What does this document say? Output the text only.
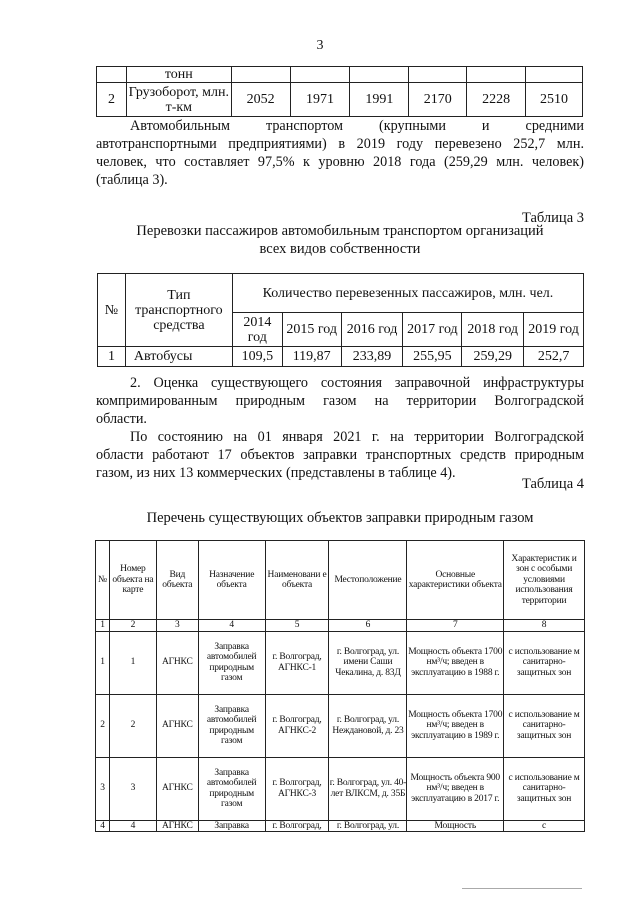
3
	тонн						
2	Грузоборот, млн. т-км	2052	1971	1991	2170	2228	2510
Автомобильным транспортом (крупными и средними
автотранспортными предприятиями) в 2019 году перевезено 252,7 млн.
человек, что составляет 97,5% к уровню 2018 года (259,29 млн. человек)
(таблица 3).
Таблица 3
Перевозки пассажиров автомобильным транспортом организаций
всех видов собственности
№	Тип транспортного средства	Количество перевезенных пассажиров, млн. чел.					
		2014 год	2015 год	2016 год	2017 год	2018 год	2019 год
1	Автобусы	109,5	119,87	233,89	255,95	259,29	252,7
2. Оценка существующего состояния заправочной инфраструктуры
компримированным природным газом на территории Волгоградской
области.
По состоянию на 01 января 2021 г. на территории Волгоградской
области работают 17 объектов заправки транспортных средств природным
газом, из них 13 коммерческих (представлены в таблице 4).
Таблица 4
Перечень существующих объектов заправки природным газом
№	Номер объекта на карте	Вид объекта	Назначение объекта	Наименовани е объекта	Местоположение	Основные характеристики объекта	Характеристик и зон с особыми условиями использования территории
1	2	3	4	5	6	7	8
1	1	АГНКС	Заправка автомобилей природным газом	г. Волгоград, АГНКС-1	г. Волгоград, ул. имени Саши Чекалина, д. 83Д	Мощность объекта 1700 нм³/ч; введен в эксплуатацию в 1988 г.	с использование м санитарно-защитных зон
2	2	АГНКС	Заправка автомобилей природным газом	г. Волгоград, АГНКС-2	г. Волгоград, ул. Неждановой, д. 23	Мощность объекта 1700 нм³/ч; введен в эксплуатацию в 1989 г.	с использование м санитарно-защитных зон
3	3	АГНКС	Заправка автомобилей природным газом	г. Волгоград, АГНКС-3	г. Волгоград, ул. 40-лет ВЛКСМ, д. 35Б	Мощность объекта 900 нм³/ч; введен в эксплуатацию в 2017 г.	с использование м санитарно-защитных зон
4	4	АГНКС	Заправка	г. Волгоград,	г. Волгоград, ул.	Мощность	с
